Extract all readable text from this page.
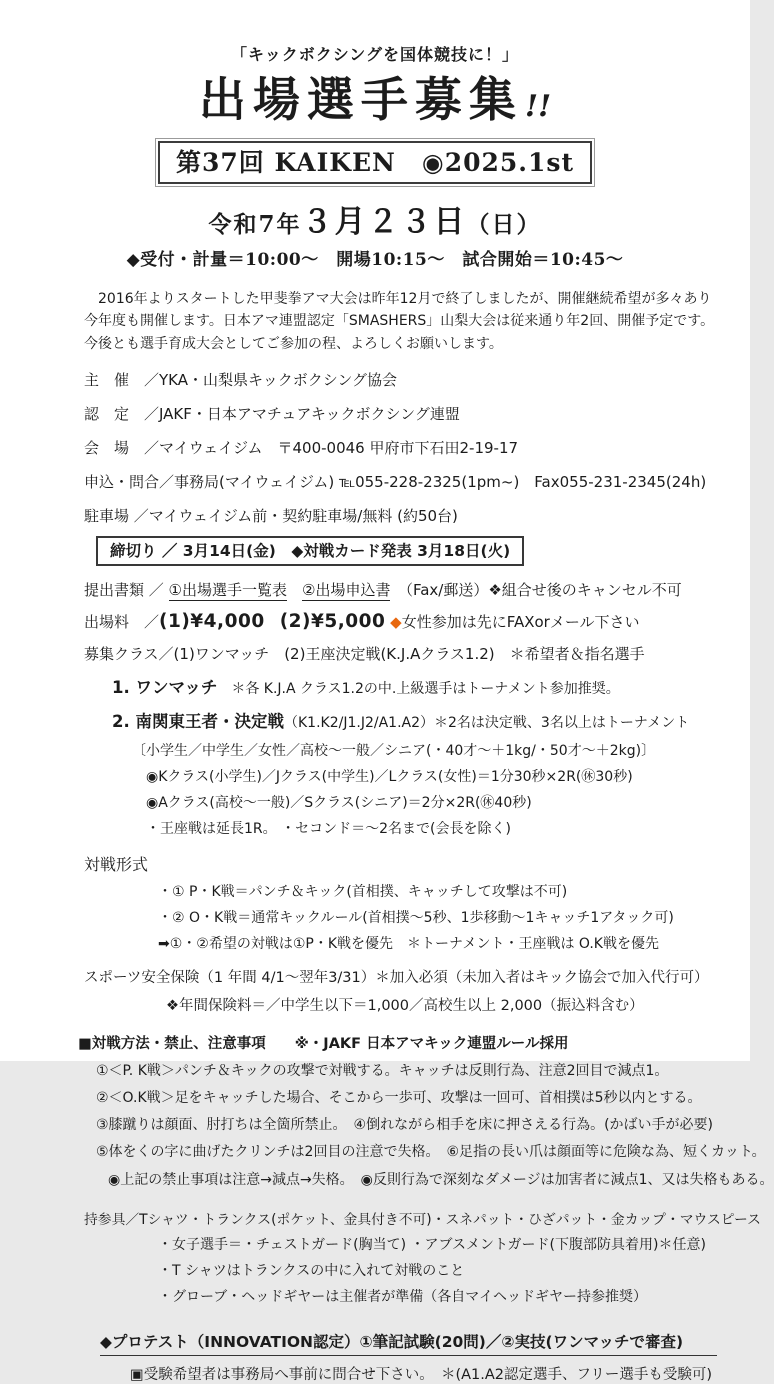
「キックボクシングを国体競技に！」
出場選手募集!!
第37回 KAIKEN　◉2025.1st
令和7年３月２３日（日）
◆受付・計量＝10:00〜　開場10:15〜　試合開始＝10:45〜
　2016年よりスタートした甲斐拳アマ大会は昨年12月で終了しましたが、開催継続希望が多々あり
今年度も開催します。日本アマ連盟認定「SMASHERS」山梨大会は従来通り年2回、開催予定です。
今後とも選手育成大会としてご参加の程、よろしくお願いします。
主　催　／YKA・山梨県キックボクシング協会
認　定　／JAKF・日本アマチュアキックボクシング連盟
会　場　／マイウェイジム　〒400-0046 甲府市下石田2-19-17
申込・問合／事務局(マイウェイジム) ℡055-228-2325(1pm~)　Fax055-231-2345(24h)
駐車場 ／マイウェイジム前・契約駐車場/無料 (約50台)
締切り ／ 3月14日(金)　◆対戦カード発表 3月18日(火)
提出書類 ／ ①出場選手一覧表　 ②出場申込書　（Fax/郵送）❖組合せ後のキャンセル不可
出場料　／(1)¥4,000　 (2)¥5,000 ◆女性参加は先にFAXorメール下さい
募集クラス／(1)ワンマッチ　(2)王座決定戦(K.J.Aクラス1.2)　＊希望者＆指名選手
1. ワンマッチ　＊各 K.J.A クラス1.2の中.上級選手はトーナメント参加推奨。
2. 南関東王者・決定戦（K1.K2/J1.J2/A1.A2）＊2名は決定戦、3名以上はトーナメント
〔小学生／中学生／女性／高校〜一般／シニア(・40才〜＋1kg/・50才〜＋2kg)〕
◉Kクラス(小学生)／Jクラス(中学生)／Lクラス(女性)＝1分30秒×2R(㊡30秒)
◉Aクラス(高校〜一般)／Sクラス(シニア)＝2分×2R(㊡40秒)
・王座戦は延長1R。 ・セコンド＝〜2名まで(会長を除く)
対戦形式
・① P・K戦＝パンチ＆キック(首相撲、キャッチして攻撃は不可)
・② O・K戦＝通常キックルール(首相撲〜5秒、1歩移動〜1キャッチ1アタック可)
➡①・②希望の対戦は①P・K戦を優先　＊トーナメント・王座戦は O.K戦を優先
スポーツ安全保険（1 年間 4/1〜翌年3/31）＊加入必須（未加入者はキック協会で加入代行可）
❖年間保険料＝／中学生以下＝1,000／高校生以上 2,000（振込料含む）
■対戦方法・禁止、注意事項　　※・JAKF 日本アマキック連盟ルール採用
①＜P. K戦＞パンチ＆キックの攻撃で対戦する。キャッチは反則行為、注意2回目で減点1。
②＜O.K戦＞足をキャッチした場合、そこから一歩可、攻撃は一回可、首相撲は5秒以内とする。
③膝蹴りは顔面、肘打ちは全箇所禁止。　④倒れながら相手を床に押さえる行為。(かばい手が必要)
⑤体をくの字に曲げたクリンチは2回目の注意で失格。　⑥足指の長い爪は顔面等に危険な為、短くカット。
◉上記の禁止事項は注意→減点→失格。　◉反則行為で深刻なダメージは加害者に減点1、又は失格もある。
持参具／Tシャツ・トランクス(ポケット、金具付き不可)・スネパット・ひざパット・金カップ・マウスピース
・女子選手＝・チェストガード(胸当て) ・アブスメントガード(下腹部防具着用)＊任意)
・T シャツはトランクスの中に入れて対戦のこと
・グローブ・ヘッドギヤーは主催者が準備（各自マイヘッドギヤー持参推奨）
◆プロテスト（INNOVATION認定）①筆記試験(20問)／②実技(ワンマッチで審査)
▣受験希望者は事務局へ事前に問合せ下さい。　＊(A1.A2認定選手、フリー選手も受験可)
